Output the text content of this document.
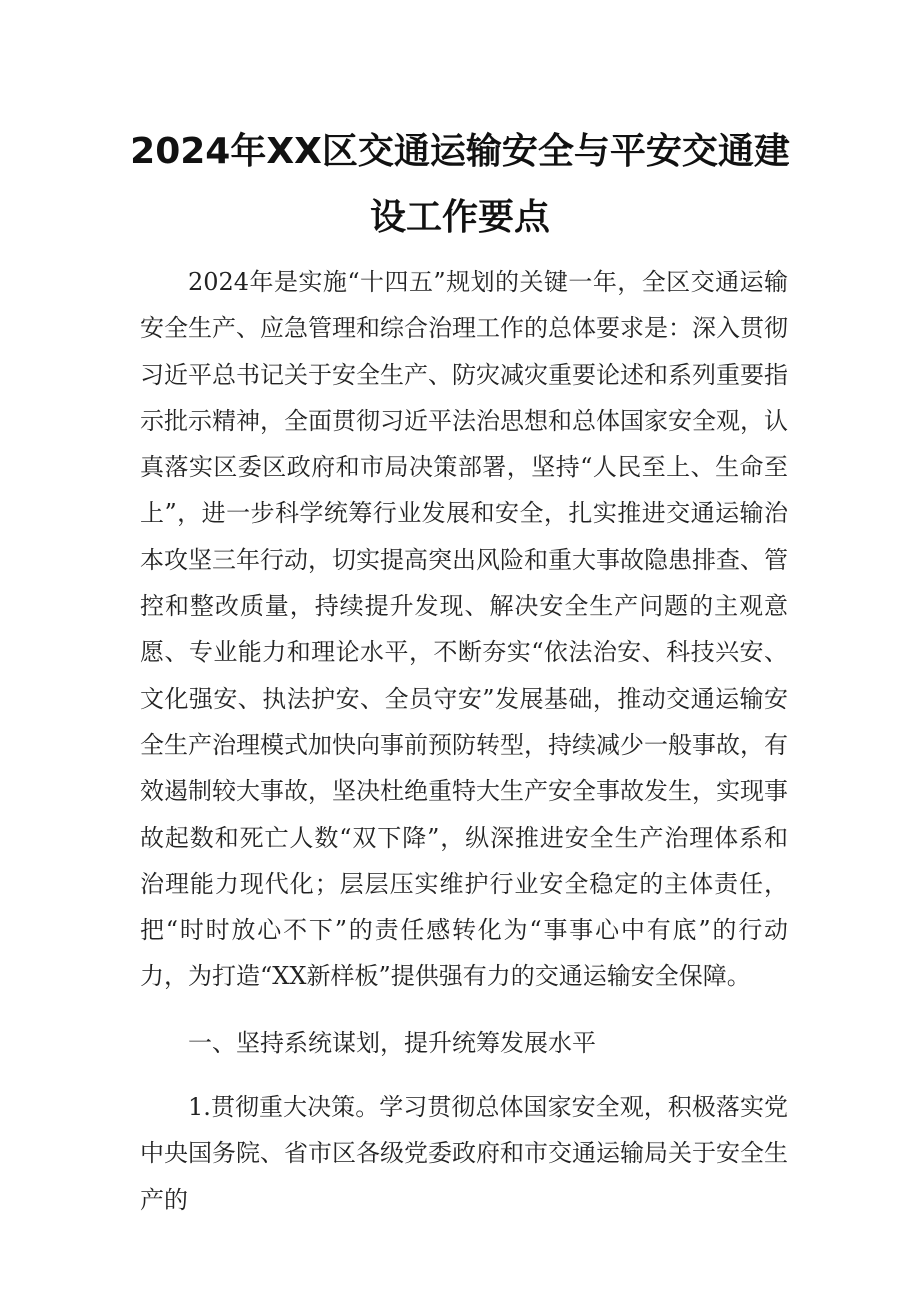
2024年XX区交通运输安全与平安交通建
设工作要点

2024年是实施“十四五”规划的关键一年，全区交通运输安全生产、应急管理和综合治理工作的总体要求是：深入贯彻习近平总书记关于安全生产、防灾减灾重要论述和系列重要指示批示精神，全面贯彻习近平法治思想和总体国家安全观，认真落实区委区政府和市局决策部署，坚持“人民至上、生命至上”，进一步科学统筹行业发展和安全，扎实推进交通运输治本攻坚三年行动，切实提高突出风险和重大事故隐患排查、管控和整改质量，持续提升发现、解决安全生产问题的主观意愿、专业能力和理论水平，不断夯实“依法治安、科技兴安、文化强安、执法护安、全员守安”发展基础，推动交通运输安全生产治理模式加快向事前预防转型，持续减少一般事故，有效遏制较大事故，坚决杜绝重特大生产安全事故发生，实现事故起数和死亡人数“双下降”，纵深推进安全生产治理体系和治理能力现代化；层层压实维护行业安全稳定的主体责任，把“时时放心不下”的责任感转化为“事事心中有底”的行动力，为打造“XX新样板”提供强有力的交通运输安全保障。

一、坚持系统谋划，提升统筹发展水平

1.贯彻重大决策。学习贯彻总体国家安全观，积极落实党中央国务院、省市区各级党委政府和市交通运输局关于安全生产的
